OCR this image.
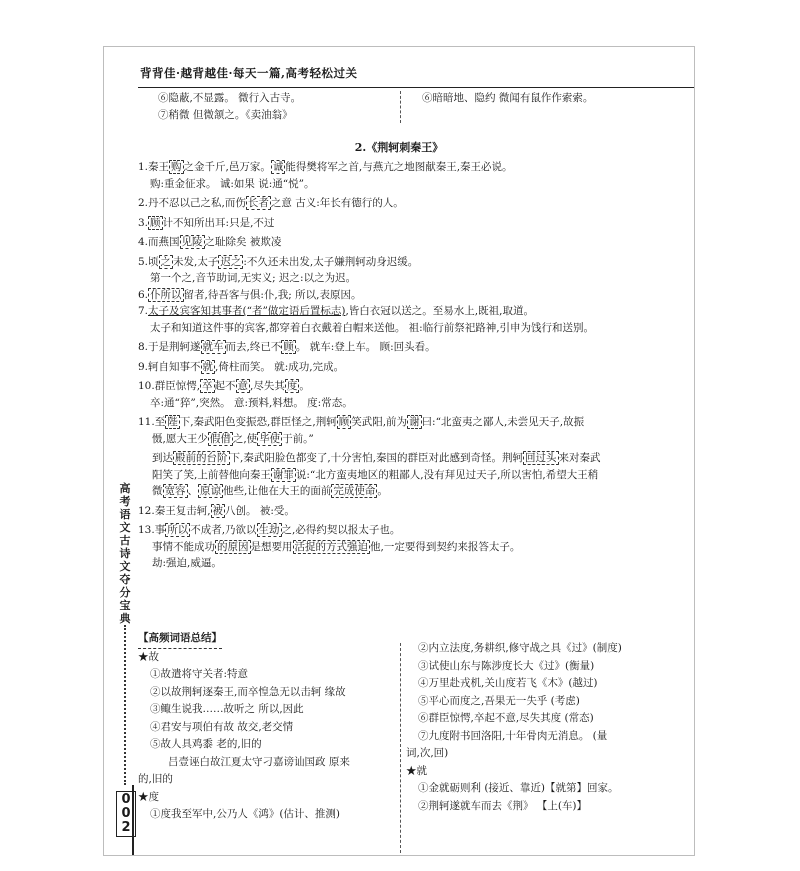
背背佳·越背越佳·每天一篇,高考轻松过关
⑥隐蔽,不显露。 微行入古寺。
⑦稍微 但微颔之。《卖油翁》
⑥暗暗地、隐约 微闻有鼠作作索索。
2.《荆轲刺秦王》

1.秦王 购 之金千斤,邑万家。 诚 能得樊将军之首,与燕亢之地图献秦王,秦王必说。

购:重金征求。 诚:如果 说:通“悦”。

2.丹不忍以己之私,而伤 长者 之意 古义:年长有德行的人。

3. 顾 计不知所出耳:只是,不过

4.而燕国 见陵 之耻除矣 被欺凌

5.顷 之 未发,太子 迟之 :不久还未出发,太子嫌荆轲动身迟缓。

第一个之,音节助词,无实义; 迟之:以之为迟。

6. 仆所以 留者,待吾客与俱:仆,我; 所以,表原因。

7.太子及宾客知其事者(“者”做定语后置标志),皆白衣冠以送之。至易水上,既祖,取道。

太子和知道这件事的宾客,都穿着白衣戴着白帽来送他。 祖:临行前祭祀路神,引申为饯行和送别。

8.于是荆轲遂 就车 而去,终已不 顾 。 就车:登上车。 顾:回头看。

9.轲自知事不 就 ,倚柱而笑。 就:成功,完成。

10.群臣惊愕, 卒 起不 意 ,尽失其 度 。

卒:通“猝”,突然。 意:预料,料想。 度:常态。

11.至 陛 下,秦武阳色变振恐,群臣怪之,荆轲 顾 笑武阳,前为 谢 曰:“北蛮夷之鄙人,未尝见天子,故振

慑,愿大王少 假借 之,使 毕使 于前。”

到达 殿前的台阶 下,秦武阳脸色都变了,十分害怕,秦国的群臣对此感到奇怪。荆轲 回过头 来对秦武

阳笑了笑,上前替他向秦王 谢罪 说:“北方蛮夷地区的粗鄙人,没有拜见过天子,所以害怕,希望大王稍

微 宽容 、 原谅 他些,让他在大王的面前 完成使命 。

12.秦王复击轲, 被 八创。 被:受。

13.事 所以 不成者,乃欲以 生劫 之,必得约契以报太子也。

事情不能成功 的原因 是想要用 活捉的方式强迫 他,一定要得到契约来报答太子。

劫:强迫,威逼。

【高频词语总结】

★故

①故遣将守关者:特意

②以故荆轲逐秦王,而卒惶急无以击轲 缘故

③鲰生说我……故听之 所以,因此

④君安与项伯有故 故交,老交情

⑤故人具鸡黍 老的,旧的

吕壹诬白故江夏太守刁嘉谤讪国政 原来

的,旧的

★度

①度我至军中,公乃人《鸿》(估计、推测)

②内立法度,务耕织,修守战之具《过》(制度)

③试使山东与陈涉度长大《过》(衡量)

④万里赴戎机,关山度若飞《木》(越过)

⑤平心而度之,吾果无一失乎 (考虑)

⑥群臣惊愕,卒起不意,尽失其度 (常态)

⑦九度附书回洛阳,十年骨肉无消息。 (量

词,次,回)

★就

①金就砺则利 (接近、靠近)【就第】回家。

②荆轲遂就车而去《荆》 【上(车)】

高考语文古诗文夺分宝典
002
